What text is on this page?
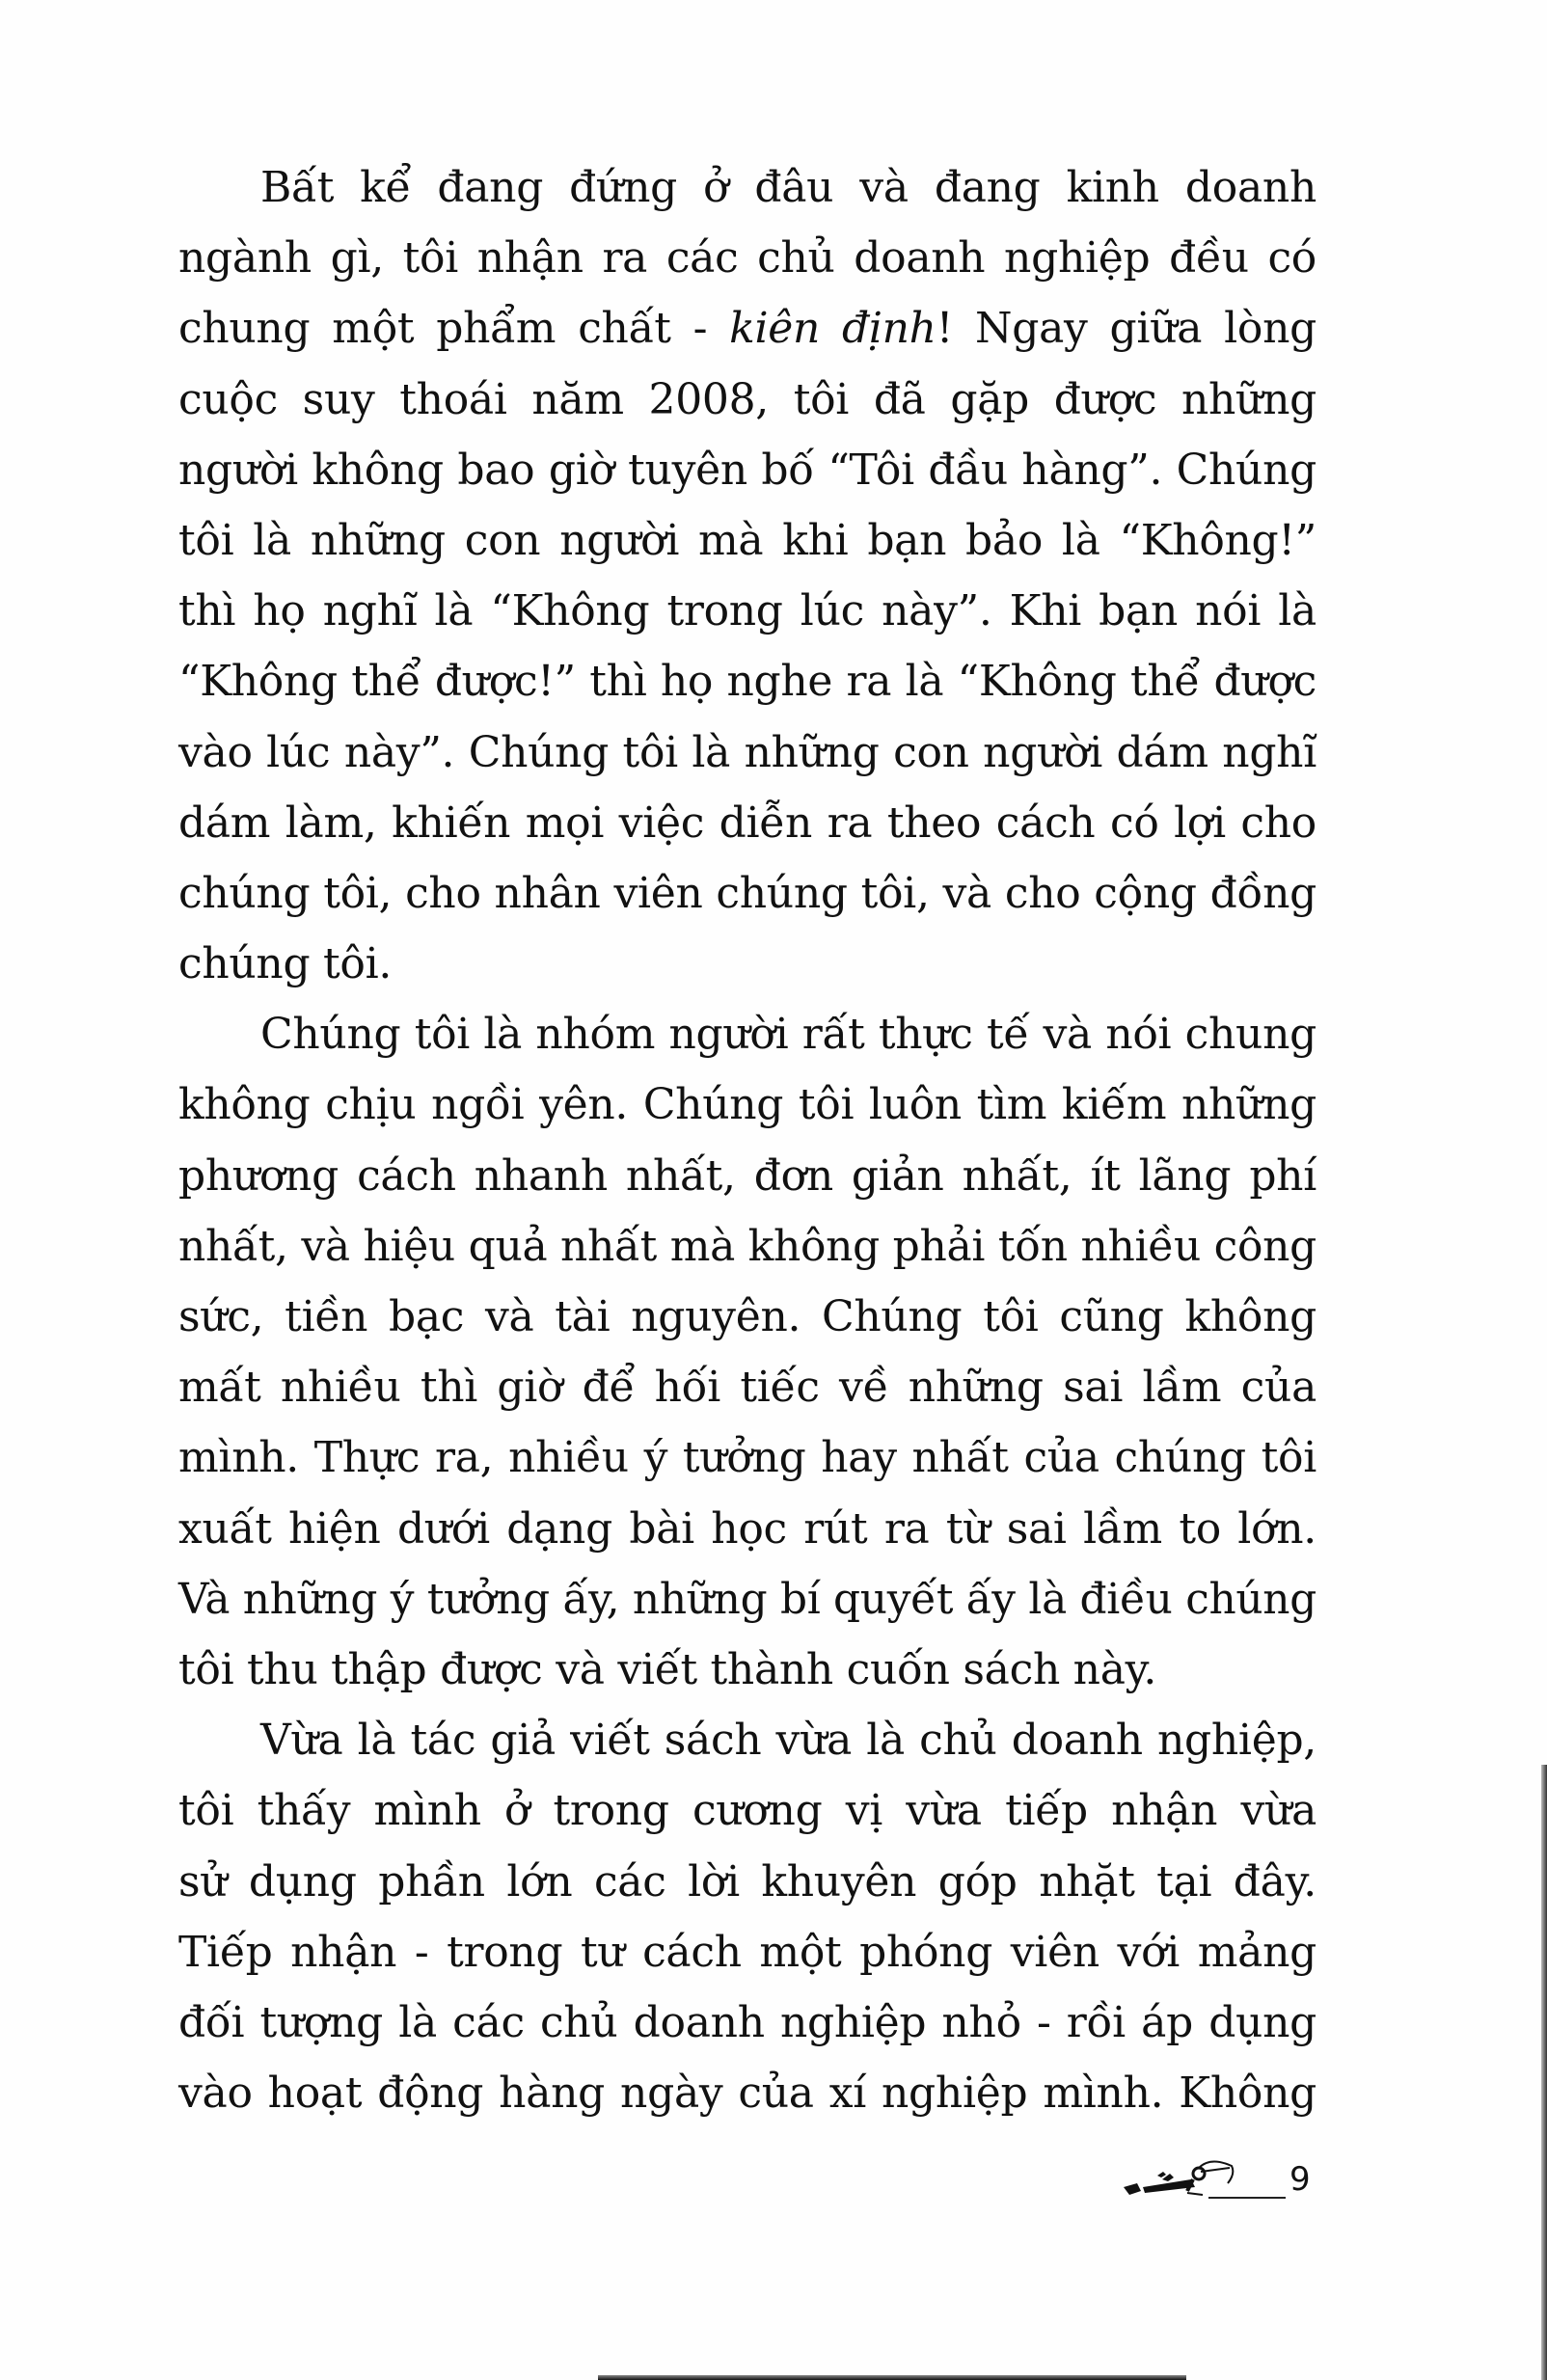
Bất kể đang đứng ở đâu và đang kinh doanh
ngành gì, tôi nhận ra các chủ doanh nghiệp đều có
chung một phẩm chất - kiên định! Ngay giữa lòng
cuộc suy thoái năm 2008, tôi đã gặp được những
người không bao giờ tuyên bố “Tôi đầu hàng”. Chúng
tôi là những con người mà khi bạn bảo là “Không!”
thì họ nghĩ là “Không trong lúc này”. Khi bạn nói là
“Không thể được!” thì họ nghe ra là “Không thể được
vào lúc này”. Chúng tôi là những con người dám nghĩ
dám làm, khiến mọi việc diễn ra theo cách có lợi cho
chúng tôi, cho nhân viên chúng tôi, và cho cộng đồng
chúng tôi.
Chúng tôi là nhóm người rất thực tế và nói chung
không chịu ngồi yên. Chúng tôi luôn tìm kiếm những
phương cách nhanh nhất, đơn giản nhất, ít lãng phí
nhất, và hiệu quả nhất mà không phải tốn nhiều công
sức, tiền bạc và tài nguyên. Chúng tôi cũng không
mất nhiều thì giờ để hối tiếc về những sai lầm của
mình. Thực ra, nhiều ý tưởng hay nhất của chúng tôi
xuất hiện dưới dạng bài học rút ra từ sai lầm to lớn.
Và những ý tưởng ấy, những bí quyết ấy là điều chúng
tôi thu thập được và viết thành cuốn sách này.
Vừa là tác giả viết sách vừa là chủ doanh nghiệp,
tôi thấy mình ở trong cương vị vừa tiếp nhận vừa
sử dụng phần lớn các lời khuyên góp nhặt tại đây.
Tiếp nhận - trong tư cách một phóng viên với mảng
đối tượng là các chủ doanh nghiệp nhỏ - rồi áp dụng
vào hoạt động hàng ngày của xí nghiệp mình. Không
9
